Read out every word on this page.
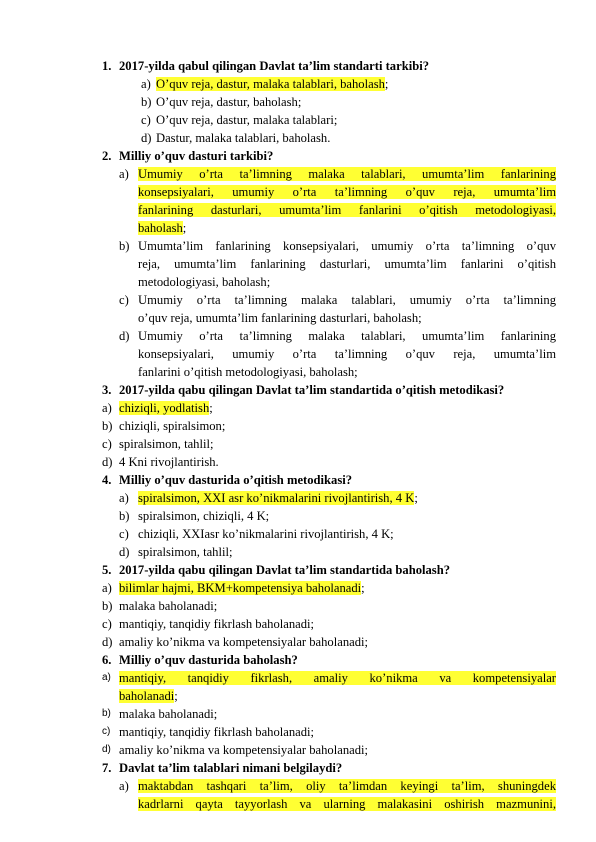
1. 2017-yilda qabul qilingan Davlat ta’lim standarti tarkibi?
a) O’quv reja, dastur, malaka talablari, baholash;
b) O’quv reja, dastur, baholash;
c) O’quv reja, dastur, malaka talablari;
d) Dastur, malaka talablari, baholash.
2. Milliy o’quv dasturi tarkibi?
a) Umumiy o’rta ta’limning malaka talablari, umumta’lim fanlarining
konsepsiyalari, umumiy o’rta ta’limning o’quv reja, umumta’lim
fanlarining dasturlari, umumta’lim fanlarini o’qitish metodologiyasi,
baholash;
b) Umumta’lim fanlarining konsepsiyalari, umumiy o’rta ta’limning o’quv
reja, umumta’lim fanlarining dasturlari, umumta’lim fanlarini o’qitish
metodologiyasi, baholash;
c) Umumiy o’rta ta’limning malaka talablari, umumiy o’rta ta’limning
o’quv reja, umumta’lim fanlarining dasturlari, baholash;
d) Umumiy o’rta ta’limning malaka talablari, umumta’lim fanlarining
konsepsiyalari, umumiy o’rta ta’limning o’quv reja, umumta’lim
fanlarini o’qitish metodologiyasi, baholash;
3. 2017-yilda qabu qilingan Davlat ta’lim standartida o’qitish metodikasi?
a) chiziqli, yodlatish;
b) chiziqli, spiralsimon;
c) spiralsimon, tahlil;
d) 4 Kni rivojlantirish.
4. Milliy o’quv dasturida o’qitish metodikasi?
a) spiralsimon, XXI asr ko’nikmalarini rivojlantirish, 4 K;
b) spiralsimon, chiziqli, 4 K;
c) chiziqli, XXIasr ko’nikmalarini rivojlantirish, 4 K;
d) spiralsimon, tahlil;
5. 2017-yilda qabu qilingan Davlat ta’lim standartida baholash?
a) bilimlar hajmi, BKM+kompetensiya baholanadi;
b) malaka baholanadi;
c) mantiqiy, tanqidiy fikrlash baholanadi;
d) amaliy ko’nikma va kompetensiyalar baholanadi;
6. Milliy o’quv dasturida baholash?
a) mantiqiy, tanqidiy fikrlash, amaliy ko’nikma va kompetensiyalar
baholanadi;
b) malaka baholanadi;
c) mantiqiy, tanqidiy fikrlash baholanadi;
d) amaliy ko’nikma va kompetensiyalar baholanadi;
7. Davlat ta’lim talablari nimani belgilaydi?
a) maktabdan tashqari ta’lim, oliy ta’limdan keyingi ta’lim, shuningdek
kadrlarni qayta tayyorlash va ularning malakasini oshirish mazmunini,
